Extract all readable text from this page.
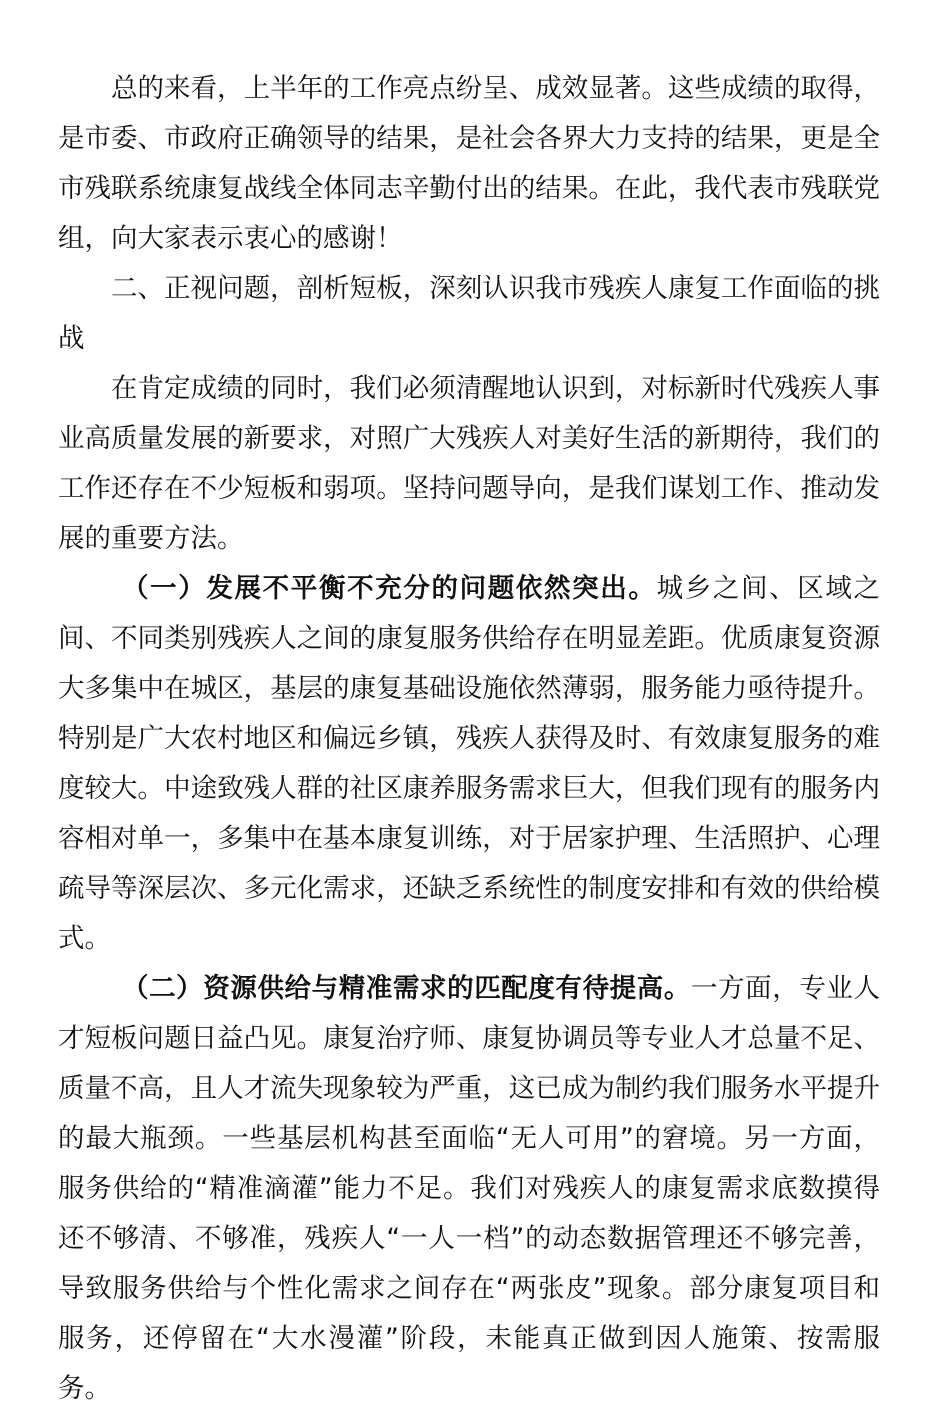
总的来看，上半年的工作亮点纷呈、成效显著。这些成绩的取得，是市委、市政府正确领导的结果，是社会各界大力支持的结果，更是全市残联系统康复战线全体同志辛勤付出的结果。在此，我代表市残联党组，向大家表示衷心的感谢！

二、正视问题，剖析短板，深刻认识我市残疾人康复工作面临的挑战

在肯定成绩的同时，我们必须清醒地认识到，对标新时代残疾人事业高质量发展的新要求，对照广大残疾人对美好生活的新期待，我们的工作还存在不少短板和弱项。坚持问题导向，是我们谋划工作、推动发展的重要方法。

（一）发展不平衡不充分的问题依然突出。城乡之间、区域之间、不同类别残疾人之间的康复服务供给存在明显差距。优质康复资源大多集中在城区，基层的康复基础设施依然薄弱，服务能力亟待提升。特别是广大农村地区和偏远乡镇，残疾人获得及时、有效康复服务的难度较大。中途致残人群的社区康养服务需求巨大，但我们现有的服务内容相对单一，多集中在基本康复训练，对于居家护理、生活照护、心理疏导等深层次、多元化需求，还缺乏系统性的制度安排和有效的供给模式。

（二）资源供给与精准需求的匹配度有待提高。一方面，专业人才短板问题日益凸见。康复治疗师、康复协调员等专业人才总量不足、质量不高，且人才流失现象较为严重，这已成为制约我们服务水平提升的最大瓶颈。一些基层机构甚至面临“无人可用”的窘境。另一方面，服务供给的“精准滴灌”能力不足。我们对残疾人的康复需求底数摸得还不够清、不够准，残疾人“一人一档”的动态数据管理还不够完善，导致服务供给与个性化需求之间存在“两张皮”现象。部分康复项目和服务，还停留在“大水漫灌”阶段，未能真正做到因人施策、按需服务。
